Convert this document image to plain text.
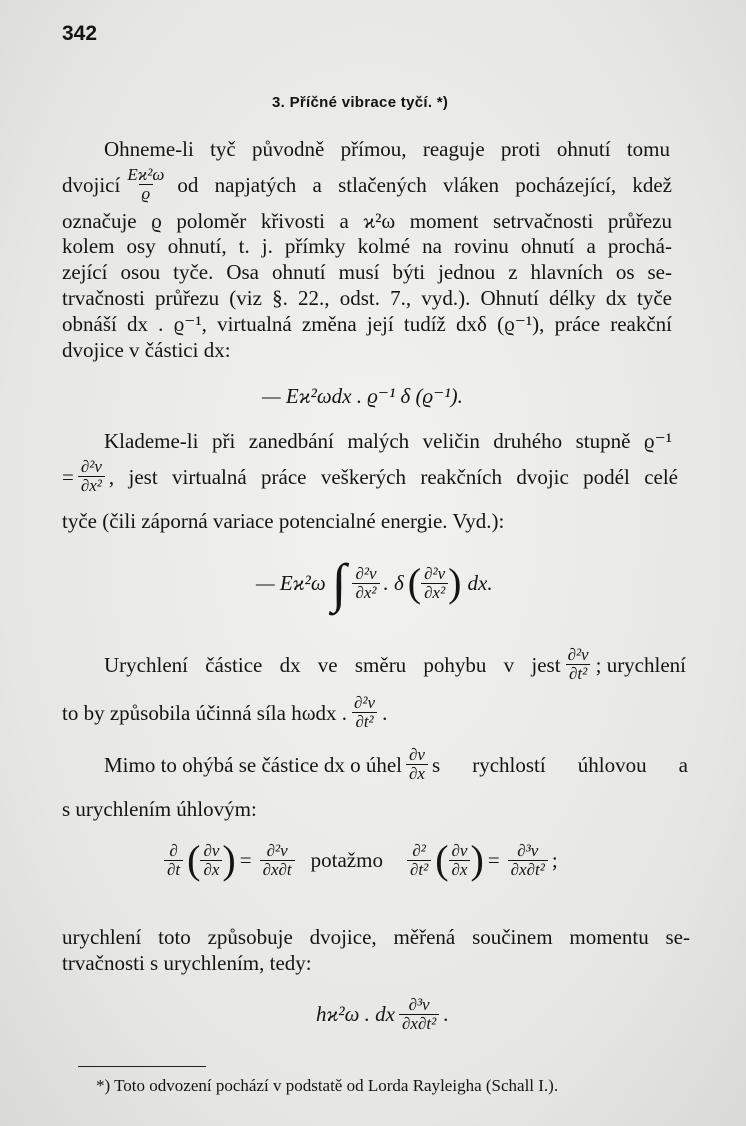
342
3. Příčné vibrace tyčí. *)
Ohneme-li tyč původně přímou, reaguje proti ohnutí tomu
dvojicí $\frac{\text{Eϰ²ω}}{ϱ}$ od napjatých a stlačených vláken pocházející, kdež
označuje ϱ poloměr křivosti a ϰ²ω moment setrvačnosti průřezu
kolem osy ohnutí, t. j. přímky kolmé na rovinu ohnutí a prochá-
zející osou tyče. Osa ohnutí musí býti jednou z hlavních os se-
trvačnosti průřezu (viz §. 22., odst. 7., vyd.). Ohnutí délky dx tyče
obnáší dx . ϱ⁻¹, virtualná změna její tudíž dxδ (ϱ⁻¹), práce reakční
dvojice v částici dx:
— Eϰ²ωdx . ϱ⁻¹ δ (ϱ⁻¹).
Klademe-li při zanedbání malých veličin druhého stupně ϱ⁻¹
= $\frac{\text{∂²v}}{\text{∂x²}}$ , jest virtualná práce veškerých reakčních dvojic podél celé
tyče (čili záporná variace potencialné energie. Vyd.):
— Eϰ²ω ∫ $\frac{\text{∂²v}}{\text{∂x²}}$ . δ ( $\frac{\text{∂²v}}{\text{∂x²}}$ ) dx.
Urychlení částice dx ve směru pohybu v jest $\frac{\text{∂²v}}{\text{∂t²}}$ ; urychlení
to by způsobila účinná síla hωdx . $\frac{\text{∂²v}}{\text{∂t²}}$ .
Mimo to ohýbá se částice dx o úhel $\frac{\partial v}{\partial x}$ s rychlostí úhlovou a
s urychlením úhlovým:
$\frac{\partial}{\partial t}$ ( $\frac{\partial v}{\partial x}$ ) = $\frac{\text{∂²v}}{\partial x\partial t}$ potažmo $\frac{\text{∂²}}{\text{∂t²}}$ ( $\frac{\partial v}{\partial x}$ ) = $\frac{\text{∂³v}}{\text{∂x∂t²}}$ ;
urychlení toto způsobuje dvojice, měřená součinem momentu se-
trvačnosti s urychlením, tedy:
hϰ²ω . dx $\frac{\text{∂³v}}{\text{∂x∂t²}}$ .
*) Toto odvození pochází v podstatě od Lorda Rayleigha (Schall I.).
